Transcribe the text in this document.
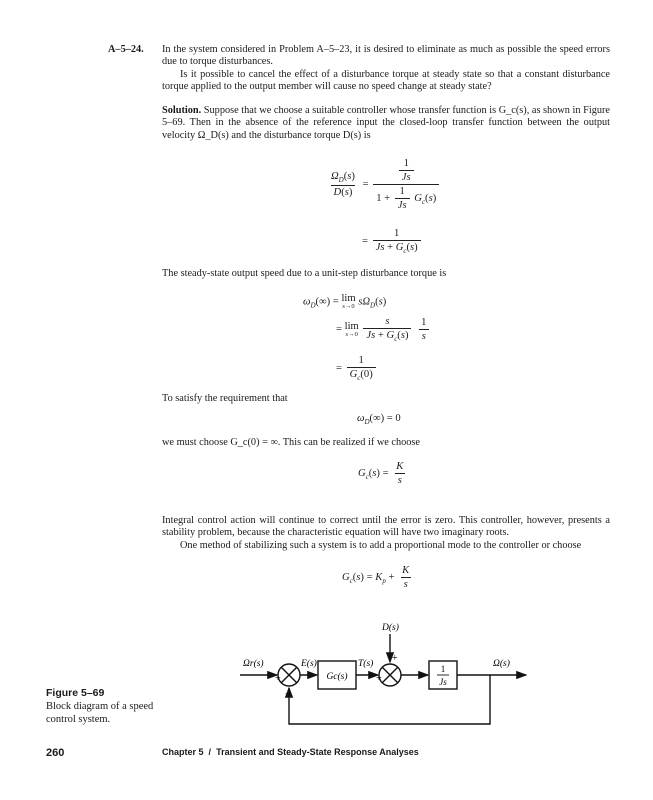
A–5–24. In the system considered in Problem A–5–23, it is desired to eliminate as much as possible the speed errors due to torque disturbances.
Is it possible to cancel the effect of a disturbance torque at steady state so that a constant disturbance torque applied to the output member will cause no speed change at steady state?
Solution. Suppose that we choose a suitable controller whose transfer function is G_c(s), as shown in Figure 5–69. Then in the absence of the reference input the closed-loop transfer function between the output velocity Ω_D(s) and the disturbance torque D(s) is
$\frac{\Omega_D(s)}{D(s)} = \frac{\frac{1}{Js}}{1 + \frac{1}{Js} G_c(s)}$
= $\frac{1}{Js + G_c(s)}$
The steady-state output speed due to a unit-step disturbance torque is
$\omega_D(\infty) = \lim$
s→0 $s\Omega_D(s)$
= lim
s→0
$\frac{s}{Js + G_c(s)}$
$\frac{1}{s}$
= $\frac{1}{G_c(0)}$
To satisfy the requirement that
$\omega_D(\infty) = 0$
we must choose G_c(0) = ∞. This can be realized if we choose
$G_c(s) = \frac{K}{s}$
Integral control action will continue to correct until the error is zero. This controller, however, presents a stability problem, because the characteristic equation will have two imaginary roots.
One method of stabilizing such a system is to add a proportional mode to the controller or choose
$G_c(s) = K_p + \frac{K}{s}$
Ωr(s)	E(s)	T(s)
D(s)
Ω(s)
Gc(s)
1
Js
+
−
+
+
Figure 5–69
Block diagram of a speed control system.
260	Chapter 5 / Transient and Steady-State Response Analyses
